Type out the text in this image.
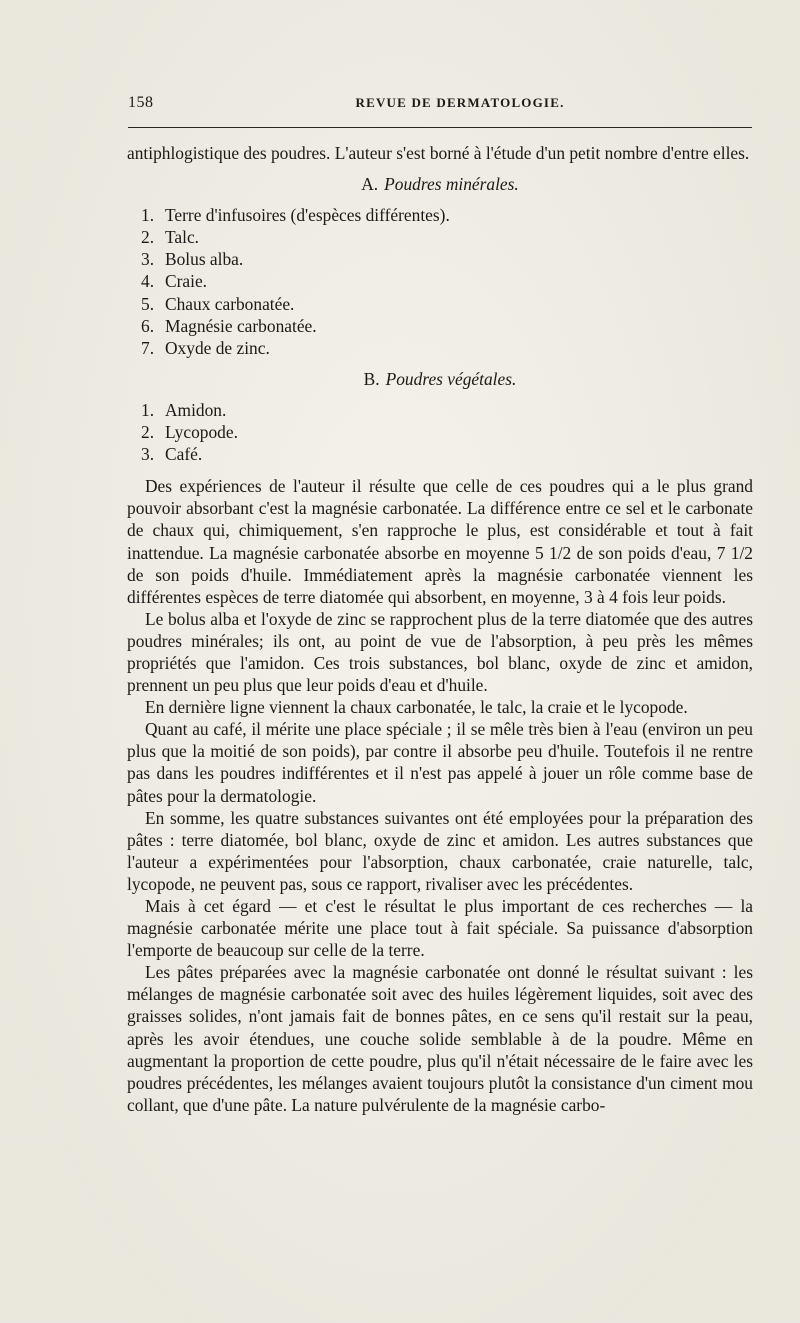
158	REVUE DE DERMATOLOGIE.

antiphlogistique des poudres. L'auteur s'est borné à l'étude d'un petit nombre d'entre elles.

A. Poudres minérales.
1. Terre d'infusoires (d'espèces différentes).
2. Talc.
3. Bolus alba.
4. Craie.
5. Chaux carbonatée.
6. Magnésie carbonatée.
7. Oxyde de zinc.
B. Poudres végétales.
1. Amidon.
2. Lycopode.
3. Café.

Des expériences de l'auteur il résulte que celle de ces poudres qui a le plus grand pouvoir absorbant c'est la magnésie carbonatée. La différence entre ce sel et le carbonate de chaux qui, chimiquement, s'en rapproche le plus, est considérable et tout à fait inattendue. La magnésie carbonatée absorbe en moyenne 5 1/2 de son poids d'eau, 7 1/2 de son poids d'huile. Immédiatement après la magnésie carbonatée viennent les différentes espèces de terre diatomée qui absorbent, en moyenne, 3 à 4 fois leur poids.

Le bolus alba et l'oxyde de zinc se rapprochent plus de la terre diatomée que des autres poudres minérales; ils ont, au point de vue de l'absorption, à peu près les mêmes propriétés que l'amidon. Ces trois substances, bol blanc, oxyde de zinc et amidon, prennent un peu plus que leur poids d'eau et d'huile.

En dernière ligne viennent la chaux carbonatée, le talc, la craie et le lycopode.

Quant au café, il mérite une place spéciale ; il se mêle très bien à l'eau (environ un peu plus que la moitié de son poids), par contre il absorbe peu d'huile. Toutefois il ne rentre pas dans les poudres indifférentes et il n'est pas appelé à jouer un rôle comme base de pâtes pour la dermatologie.

En somme, les quatre substances suivantes ont été employées pour la préparation des pâtes : terre diatomée, bol blanc, oxyde de zinc et amidon. Les autres substances que l'auteur a expérimentées pour l'absorption, chaux carbonatée, craie naturelle, talc, lycopode, ne peuvent pas, sous ce rapport, rivaliser avec les précédentes.

Mais à cet égard — et c'est le résultat le plus important de ces recherches — la magnésie carbonatée mérite une place tout à fait spéciale. Sa puissance d'absorption l'emporte de beaucoup sur celle de la terre.

Les pâtes préparées avec la magnésie carbonatée ont donné le résultat suivant : les mélanges de magnésie carbonatée soit avec des huiles légèrement liquides, soit avec des graisses solides, n'ont jamais fait de bonnes pâtes, en ce sens qu'il restait sur la peau, après les avoir étendues, une couche solide semblable à de la poudre. Même en augmentant la proportion de cette poudre, plus qu'il n'était nécessaire de le faire avec les poudres précédentes, les mélanges avaient toujours plutôt la consistance d'un ciment mou collant, que d'une pâte. La nature pulvérulente de la magnésie carbo-
